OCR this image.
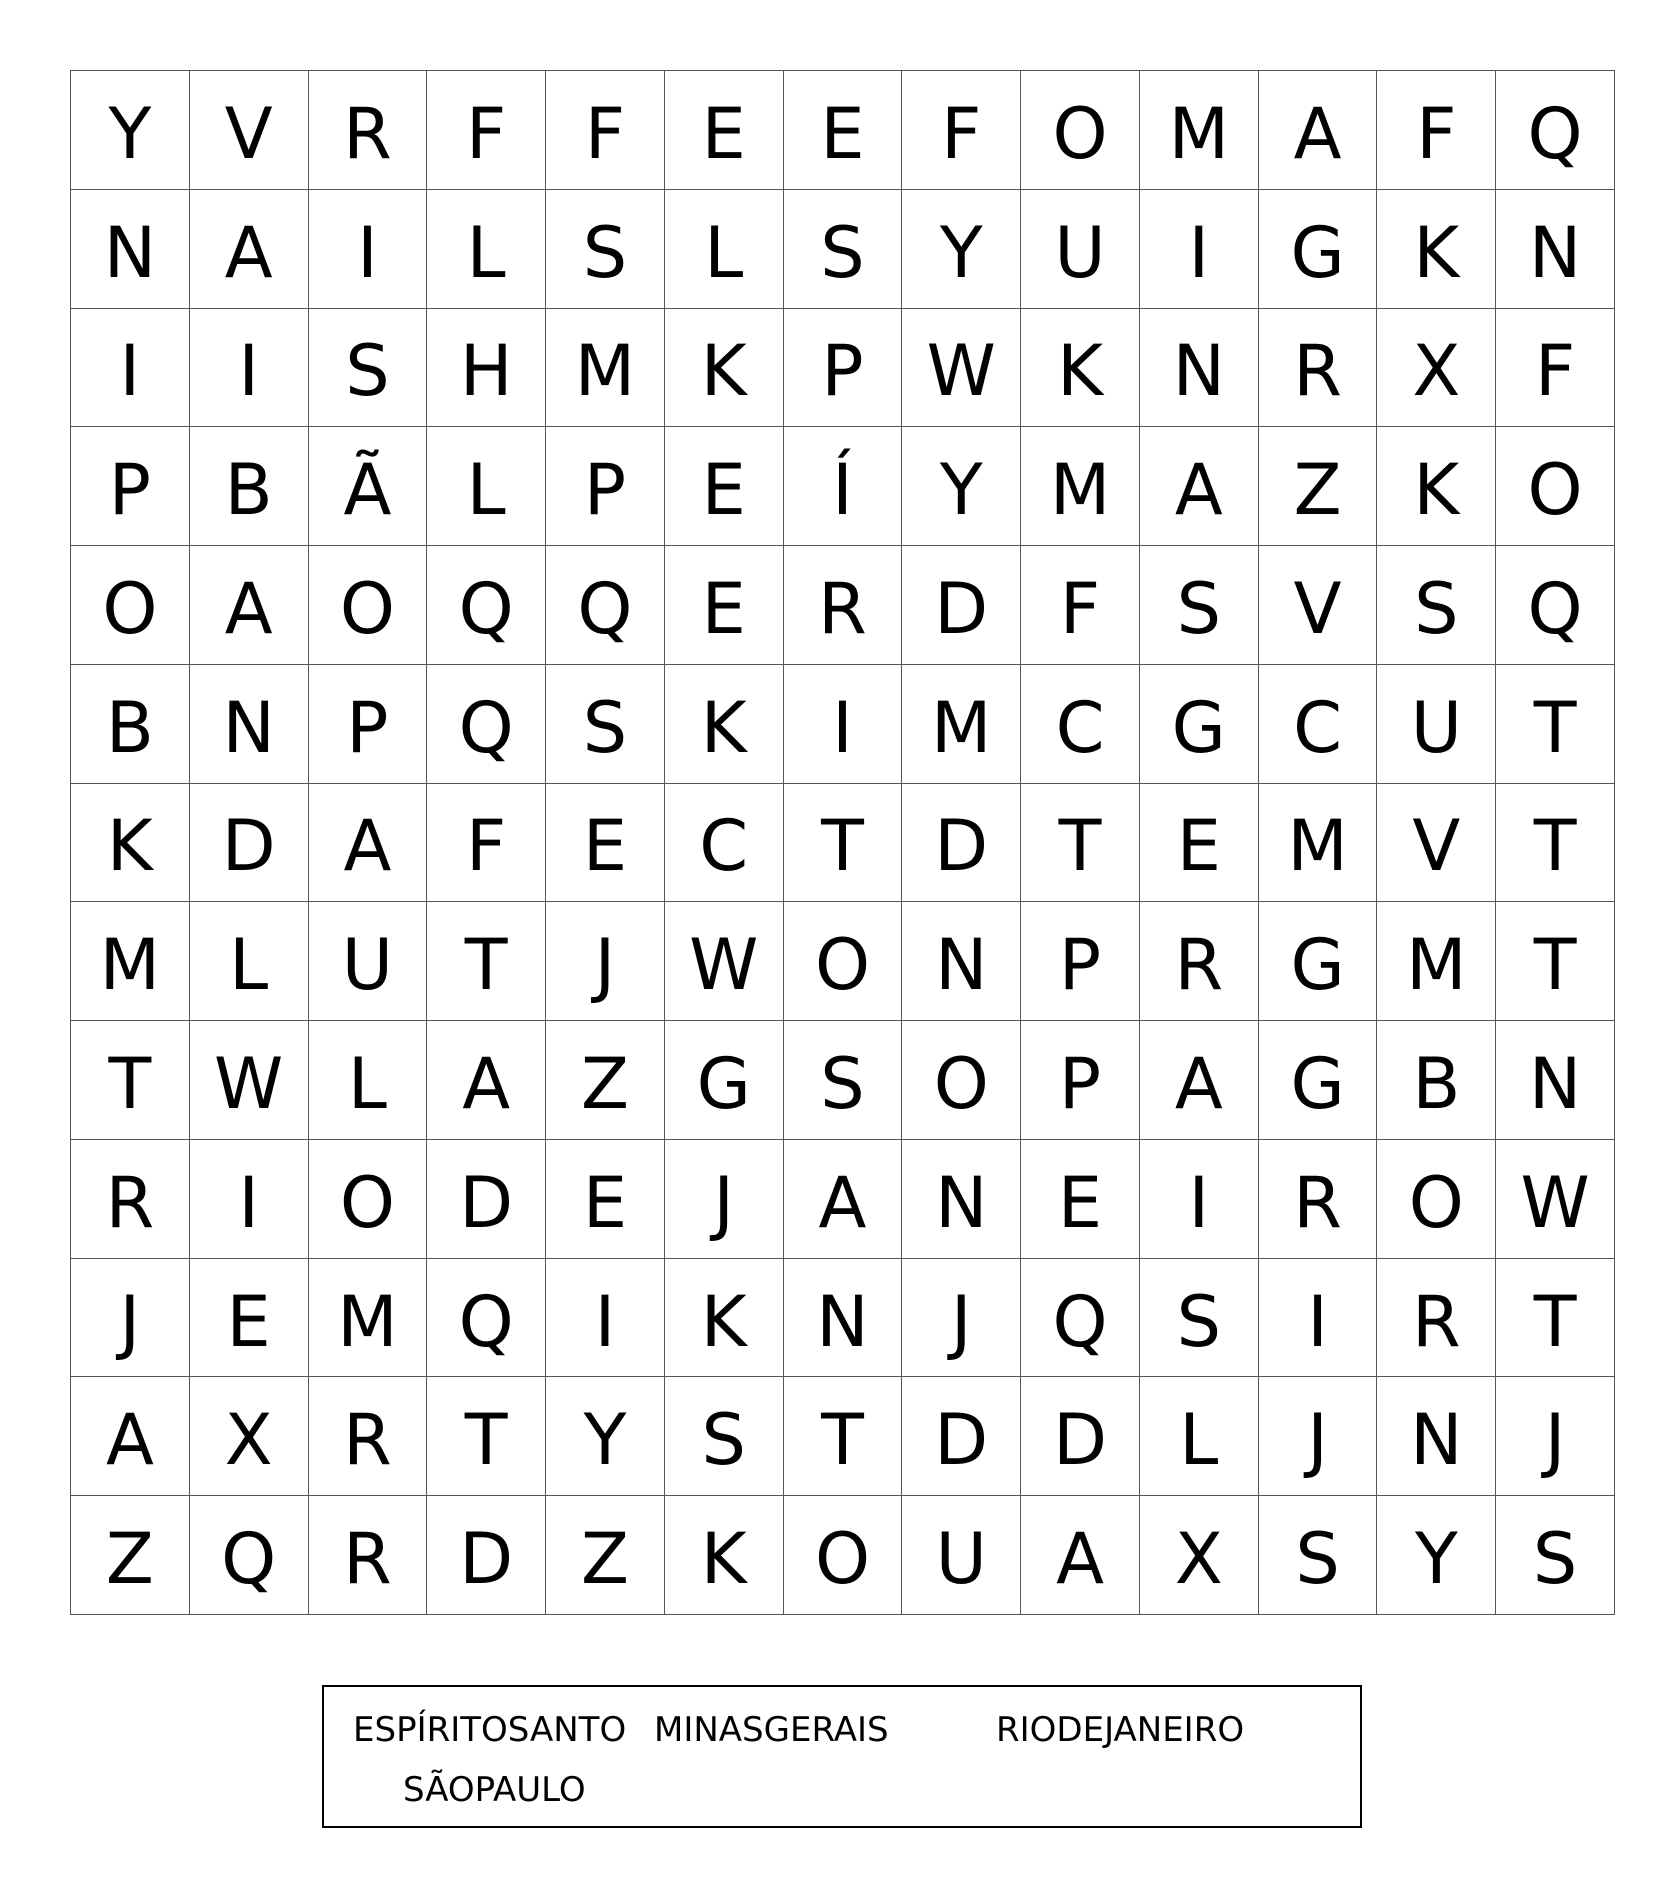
Y	V	R	F	F	E	E	F	O M A	F	Q
N A	I	L	S	L	S	Y	U	I	G K N
I	I	S	H M K	P W K N R	X	F
P	B	Ã	L	P	E	Í	Y M A	Z	K O
O A O Q Q E	R D	F	S	V	S Q
B N	P	Q S	K	I	M C G C U	T
K D A	F	E	C	T	D	T	E M V	T
M L	U	T	J	W O N	P	R G M T
T W L	A	Z G S O	P	A G B N
R	I	O D E	J	A N	E	I	R O W
J	E M Q	I	K N	J	Q S	I	R	T
A	X	R	T	Y	S	T	D D	L	J	N	J
Z Q R D Z	K O U A	X	S	Y	S
ESPÍRITOSANTO MINASGERAIS	RIODEJANEIRO
SÃOPAULO
